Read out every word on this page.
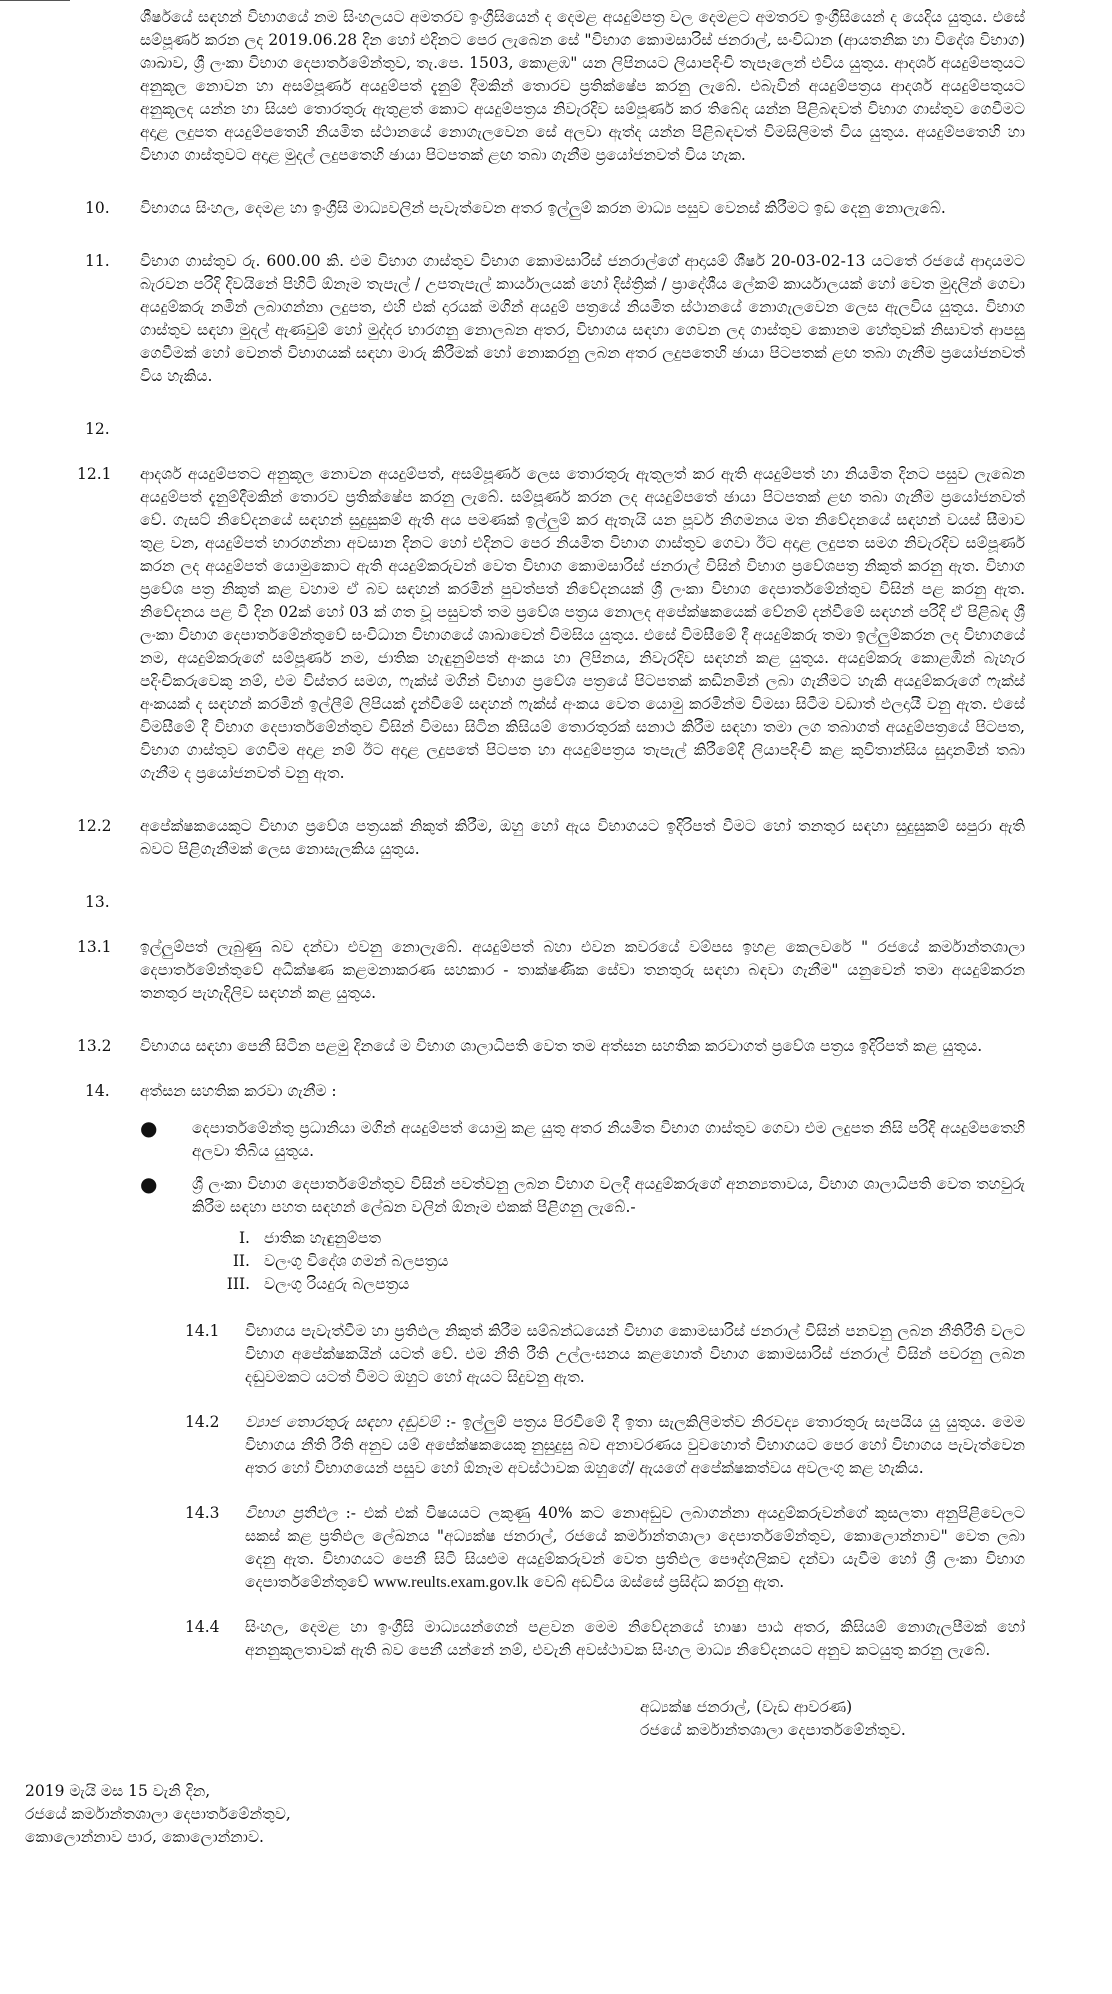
ශීර්ෂයේ සඳහන් විභාගයේ නම සිංහලයට අමතරව ඉංග්‍රීසියෙන් ද දෙමළ අයදුම්පත්‍ර වල දෙමළට අමතරව ඉංග්‍රීසියෙන් ද යෙදිය යුතුය. එසේ සම්පූර්ණ කරන ලද 2019.06.28 දින හෝ එදිනට පෙර ලැබෙන සේ "විභාග කොමසාරිස් ජනරාල්, සංවිධාන (ආයතනික හා විදේශ විභාග) ශාඛාව, ශ්‍රී ලංකා විභාග දෙපාර්තමේන්තුව, තැ.පෙ. 1503, කොළඹ" යන ලිපිනයට ලියාපදිංචි තැපෑලෙන් එවිය යුතුය. ආදර්ශ අයදුම්පතුයට අනුකූල නොවන හා අසම්පූර්ණ අයදුම්පත් දැනුම් දීමකින් තොරව ප්‍රතික්ෂේප කරනු ලැබේ. එබැවින් අයදුම්පත්‍රය ආදර්ශ අයදුම්පතුයට අනුකූලද යන්න හා සියළු තොරතුරු ඇතුළත් කොට අයදුම්පත්‍රය නිවැරදිව සම්පූර්ණ කර තිබේද යන්න පිළිබඳවත් විභාග ගාස්තුව ගෙවීමට අදාළ ලදුපත අයදුම්පතෙහි නියමිත ස්ථානයේ නොගැලවෙන සේ අලවා ඇත්ද යන්න පිළිබඳවත් විමසිලිමත් විය යුතුය. අයදුම්පතෙහි හා විභාග ගාස්තුවට අදාළ මුදල් ලදුපතෙහි ඡායා පිටපතක් ළඟ තබා ගැනීම ප්‍රයෝජනවත් විය හැක.
10.	විභාගය සිංහල, දෙමළ හා ඉංග්‍රීසි මාධ්‍යවලින් පැවැත්වෙන අතර ඉල්ලුම් කරන මාධ්‍ය පසුව වෙනස් කිරීමට ඉඩ දෙනු නොලැබේ.
11.	විභාග ගාස්තුව රු. 600.00 කි. එම විභාග ගාස්තුව විභාග කොමසාරිස් ජනරාල්ගේ ආදායම් ශීර්ෂ 20-03-02-13 යටතේ රජයේ ආදායමට බැරවන පරිදි දිවයිනේ පිහිටි ඕනෑම තැපැල් / උපතැපැල් කාර්යාලයක් හෝ දිස්ත්‍රික් / ප්‍රාදේශීය ලේකම් කාර්යාලයක් හෝ වෙත මුදලින් ගෙවා අයදුම්කරු නමින් ලබාගන්නා ලදුපත, එහි එක් දාරයක් මගින් අයදුම් පත්‍රයේ නියමිත ස්ථානයේ නොගැලවෙන ලෙස ඇලවිය යුතුය. විභාග ගාස්තුව සඳහා මුදල් ඇණවුම් හෝ මුද්දර භාරගනු නොලබන අතර, විභාගය සඳහා ගෙවන ලද ගාස්තුව කොනම හේතුවක් නිසාවත් ආපසු ගෙවීමක් හෝ වෙනත් විභාගයක් සඳහා මාරු කිරීමක් හෝ නොකරනු ලබන අතර ලදුපතෙහි ඡායා පිටපතක් ළඟ තබා ගැනීම ප්‍රයෝජනවත් විය හැකිය.
12.
12.1	ආදර්ශ අයදුම්පතට අනුකූල නොවන අයදුම්පත්, අසම්පූර්ණ ලෙස තොරතුරු ඇතුලත් කර ඇති අයදුම්පත් හා නියමිත දිනට පසුව ලැබෙන අයදුම්පත් දැනුම්දීමකින් තොරව ප්‍රතික්ෂේප කරනු ලැබේ. සම්පූර්ණ කරන ලද අයදුම්පතේ ඡායා පිටපතක් ළඟ තබා ගැනීම ප්‍රයෝජනවත් වේ. ගැසට් නිවේදනයේ සඳහන් සුදුසුකම් ඇති අය පමණක් ඉල්ලුම් කර ඇතැයි යන පූර්ව නිගමනය මත නිවේදනයේ සඳහන් වයස් සීමාව තුළ වන, අයදුම්පත් භාරගන්නා අවසාන දිනට හෝ එදිනට පෙර නියමිත විභාග ගාස්තුව ගෙවා ඊට අදාළ ලදුපත සමග නිවැරදිව සම්පූර්ණ කරන ලද අයදුම්පත් යොමුකොට ඇති අයදුම්කරුවන් වෙත විභාග කොමසාරිස් ජනරාල් විසින් විභාග ප්‍රවේශපත්‍ර නිකුත් කරනු ඇත. විභාග ප්‍රවේශ පත්‍ර නිකුත් කළ වහාම ඒ බව සඳහන් කරමින් පුවත්පත් නිවේදනයක් ශ්‍රී ලංකා විභාග දෙපාර්තමේන්තුව විසින් පළ කරනු ඇත. නිවේදනය පළ වී දින 02ක් හෝ 03 ක් ගත වූ පසුවත් තම ප්‍රවේශ පත්‍රය නොලද අපේක්ෂකයෙක් වේනම් දන්වීමේ සඳහන් පරිදි ඒ පිළිබඳ ශ්‍රී ලංකා විභාග දෙපාර්තමේන්තුවේ සංවිධාන විභාගයේ ශාඛාවෙන් විමසිය යුතුය. එසේ විමසීමේ දී අයදුම්කරු තමා ඉල්ලුම්කරන ලද විභාගයේ නම, අයදුම්කරුගේ සම්පූර්ණ නම, ජාතික හැඳුනුම්පත් අංකය හා ලිපිනය, නිවැරදිව සඳහන් කළ යුතුය. අයදුම්කරු කොළඹින් බැහැර පදිංචිකරුවෙකු නම්, එම විස්තර සමග, ෆැක්ස් මගින් විභාග ප්‍රවේශ පත්‍රයේ පිටපතක් කඩිනමින් ලබා ගැනීමට හැකි අයදුම්කරුගේ ෆැක්ස් අංකයක් ද සඳහන් කරමින් ඉල්ලීම් ලිපියක් දැන්වීමේ සඳහන් ෆැක්ස් අංකය වෙත යොමු කරමින්ම විමසා සිටීම වඩාත් ඵලදායී වනු ඇත. එසේ විමසීමේ දී විභාග දෙපාර්තමේන්තුව විසින් විමසා සිටින කිසියම් තොරතුරක් සනාථ කිරීම සඳහා තමා ලග තබාගත් අයදුම්පත්‍රයේ පිටපත, විභාග ගාස්තුව ගෙවීම අදාළ නම් ඊට අදාළ ලදුපතේ පිටපත හා අයදුම්පත්‍රය තැපැල් කිරීමේදී ලියාපදිංචි කළ කුවිතාන්සිය සුදානමින් තබා ගැනීම ද ප්‍රයෝජනවත් වනු ඇත.
12.2	අපේක්ෂකයෙකුට විභාග ප්‍රවේශ පත්‍රයක් නිකුත් කිරීම, ඔහු හෝ ඇය විභාගයට ඉදිරිපත් වීමට හෝ තනතුර සඳහා සුදුසුකම් සපුරා ඇති බවට පිළිගැනීමක් ලෙස නොසැලකිය යුතුය.
13.
13.1	ඉල්ලුම්පත් ලැබුණු බව දන්වා එවනු නොලැබේ. අයදුම්පත් බහා එවන කවරයේ වම්පස ඉහළ කෙලවරේ " රජයේ කර්මාන්තශාලා දෙපාර්තමේන්තුවේ අධීක්ෂණ කළමනාකරණ සහකාර - තාක්ෂණික සේවා තනතුරු සඳහා බඳවා ගැනීම" යනුවෙන් තමා අයදුම්කරන තනතුර පැහැදිලිව සඳහන් කළ යුතුය.
13.2	විභාගය සඳහා පෙනී සිටින පළමු දිනයේ ම විභාග ශාලාධිපති වෙත තම අත්සන සහතික කරවාගත් ප්‍රවේශ පත්‍රය ඉදිරිපත් කළ යුතුය.
14.	අත්සන සහතික කරවා ගැනීම :
●	දෙපාර්තමේන්තු ප්‍රධානියා මගින් අයදුම්පත් යොමු කළ යුතු අතර නියමිත විභාග ගාස්තුව ගෙවා එම ලදුපත නිසි පරිදි අයදුම්පතෙහි අලවා තිබිය යුතුය.
●	ශ්‍රී ලංකා විභාග දෙපාර්තමේන්තුව විසින් පවත්වනු ලබන විභාග වලදී අයදුම්කරුගේ අනන්‍යතාවය, විභාග ශාලාධිපති වෙත තහවුරු කිරීම සඳහා පහත සඳහන් ලේඛන වලින් ඕනෑම එකක් පිළිගනු ලැබේ.-
I. ජාතික හැඳුනුම්පත
II. වලංගු විදේශ ගමන් බලපත්‍රය
III. වලංගු රියදුරු බලපත්‍රය
14.1	විභාගය පැවැත්වීම හා ප්‍රතිඵල නිකුත් කිරීම සම්බන්ධයෙන් විභාග කොමසාරිස් ජනරාල් විසින් පනවනු ලබන නීතිරීති වලට විභාග අපේක්ෂකයින් යටත් වේ. එම නීති රීති උල්ලංඝනය කළහොත් විභාග කොමසාරිස් ජනරාල් විසින් පවරනු ලබන දඬුවමකට යටත් වීමට ඔහුට හෝ ඇයට සිදුවනු ඇත.
14.2	ව්‍යාජ තොරතුරු සඳහා දඬුවම් :- ඉල්ලුම් පත්‍රය පිරවීමේ දී ඉතා සැලකිලිමත්ව නිරවද්‍ය තොරතුරු සැපයිය යු යුතුය. මෙම විභාගය නීති රීති අනුව යම් අපේක්ෂකයෙකු නුසුදුසු බව අනාවරණය වුවහොත් විභාගයට පෙර හෝ විභාගය පැවැත්වෙන අතර හෝ විභාගයෙන් පසුව හෝ ඕනෑම අවස්ථාවක ඔහුගේ/ ඇයගේ අපේක්ෂකත්වය අවලංගු කළ හැකිය.
14.3	විභාග ප්‍රතිඵල :- එක් එක් විෂයයට ලකුණු 40% කට නොඅඩුව ලබාගන්නා අයදුම්කරුවන්ගේ කුසලතා අනුපිළිවෙලට සකස් කළ ප්‍රතිඵල ලේඛනය "අධ්‍යක්ෂ ජනරාල්, රජයේ කර්මාන්තශාලා දෙපාර්තමේන්තුව, කොලොන්නාව" වෙත ලබා දෙනු ඇත. විභාගයට පෙනී සිටි සියළුම අයදුම්කරුවන් වෙත ප්‍රතිඵල පෞද්ගලිකව දන්වා යැවීම හෝ ශ්‍රී ලංකා විභාග දෙපාර්තමේන්තුවේ www.reults.exam.gov.lk වෙබ් අඩවිය ඔස්සේ ප්‍රසිද්ධ කරනු ඇත.
14.4	සිංහල, දෙමළ හා ඉංග්‍රීසි මාධ්‍යයන්ගෙන් පළවන මෙම නිවේදනයේ භාෂා පාඨ අතර, කිසියම් නොගැලපීමක් හෝ අනනුකූලතාවක් ඇති බව පෙනී යන්නේ නම්, එවැනි අවස්ථාවක සිංහල මාධ්‍ය නිවේදනයට අනුව කටයුතු කරනු ලැබේ.
අධ්‍යක්ෂ ජනරාල්, (වැඩ ආවරණ)
රජයේ කර්මාන්තශාලා දෙපාර්තමේන්තුව.
2019 මැයි මස 15 වැනි දින,
රජයේ කර්මාන්තශාලා දෙපාර්තමේන්තුව,
කොලොන්නාව පාර, කොලොන්නාව.
